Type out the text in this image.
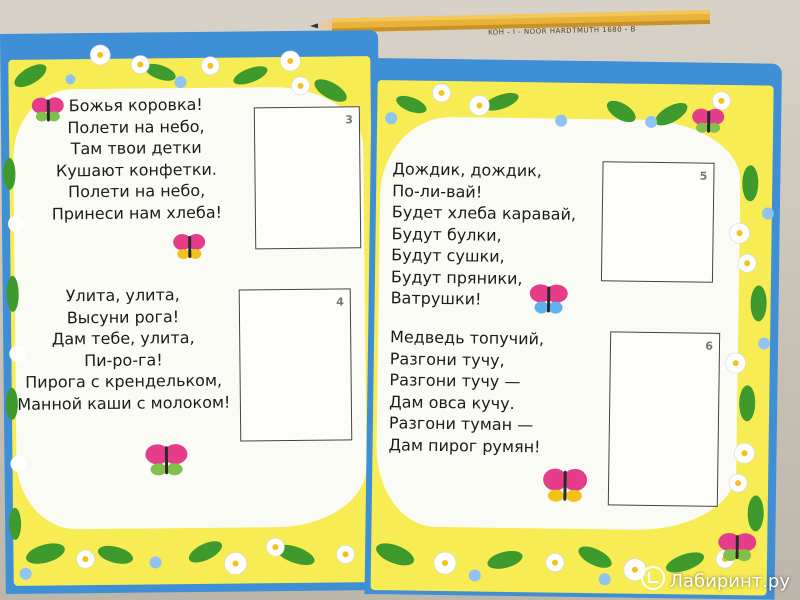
KOH - I - NOOR HARDTMUTH 1680 - B
Божья коровка!
Полети на небо,
Там твои детки
Кушают конфетки.
Полети на небо,
Принеси нам хлеба!
3
Улита, улита,
Высуни рога!
Дам тебе, улита,
Пи-ро-га!
Пирога с крендельком,
Манной каши с молоком!
4
Дождик, дождик,
По-ли-вай!
Будет хлеба каравай,
Будут булки,
Будут сушки,
Будут пряники,
Ватрушки!
5
Медведь топучий,
Разгони тучу,
Разгони тучу —
Дам овса кучу.
Разгони туман —
Дам пирог румян!
6
Лабиринт.ру
